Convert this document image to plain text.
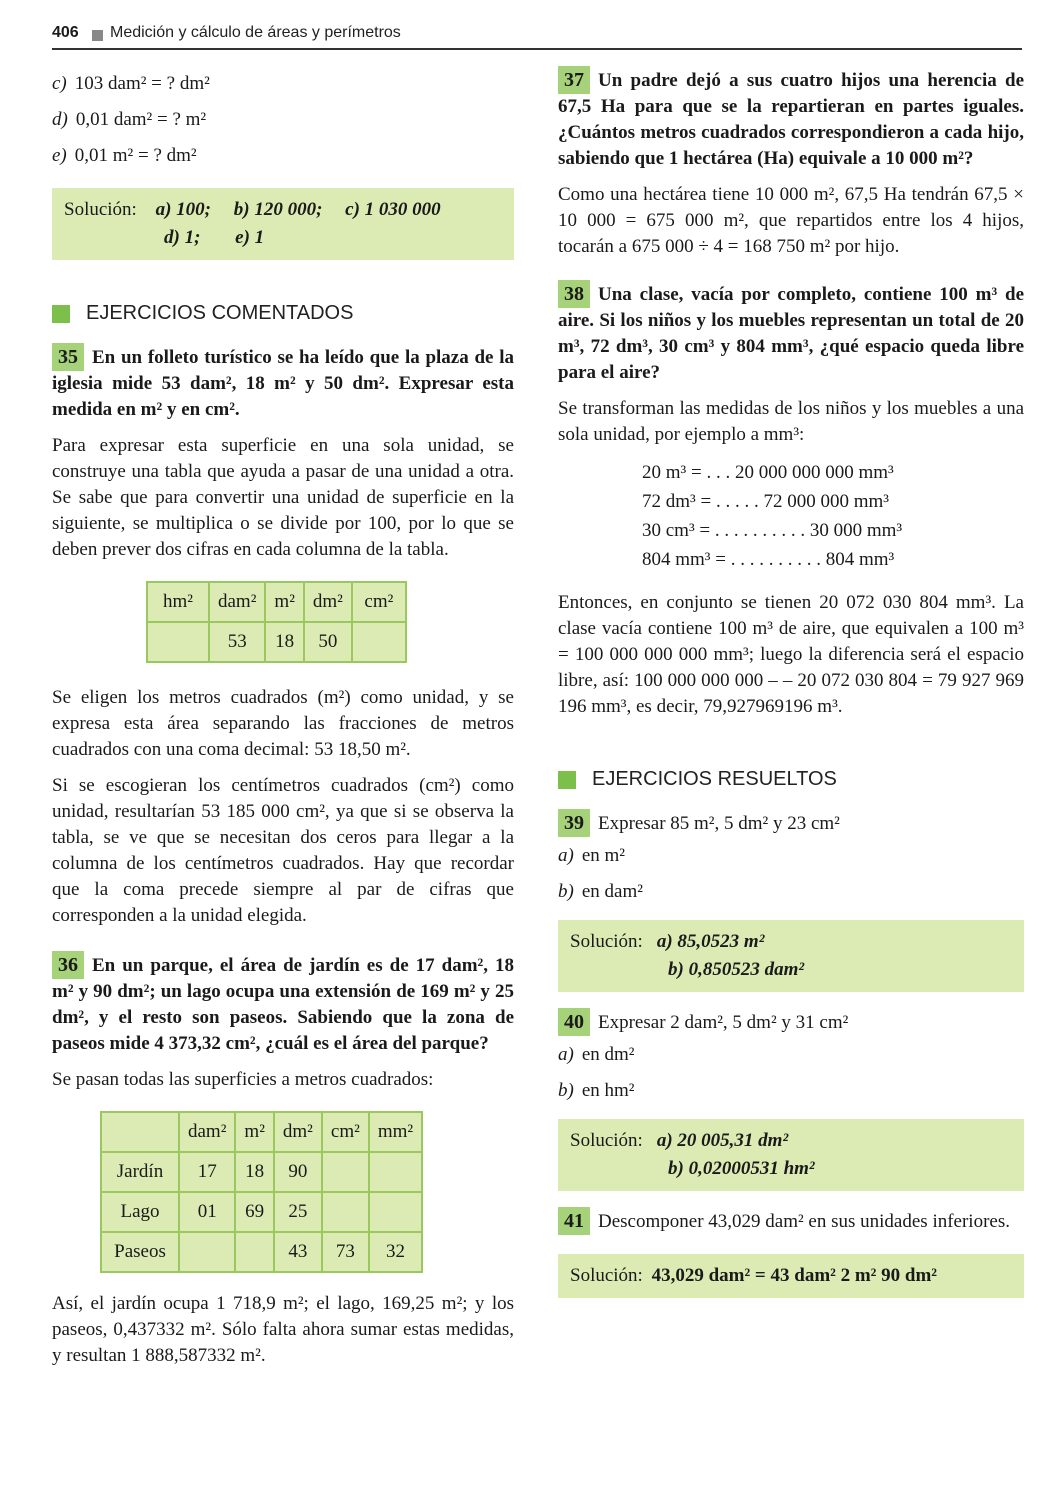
406 Medición y cálculo de áreas y perímetros
c) 103 dam² = ? dm²
d) 0,01 dam² = ? m²
e) 0,01 m² = ? dm²
Solución: a) 100; b) 120 000; c) 1 030 000
d) 1; e) 1
EJERCICIOS COMENTADOS
35 En un folleto turístico se ha leído que la plaza de la iglesia mide 53 dam², 18 m² y 50 dm². Expresar esta medida en m² y en cm².

Para expresar esta superficie en una sola unidad, se construye una tabla que ayuda a pasar de una unidad a otra. Se sabe que para convertir una unidad de superficie en la siguiente, se multiplica o se divide por 100, por lo que se deben prever dos cifras en cada columna de la tabla.

hm²	dam²	m²	dm²	cm²
	53	18	50	

Se eligen los metros cuadrados (m²) como unidad, y se expresa esta área separando las fracciones de metros cuadrados con una coma decimal: 53 18,50 m².

Si se escogieran los centímetros cuadrados (cm²) como unidad, resultarían 53 185 000 cm², ya que si se observa la tabla, se ve que se necesitan dos ceros para llegar a la columna de los centímetros cuadrados. Hay que recordar que la coma precede siempre al par de cifras que corresponden a la unidad elegida.

36 En un parque, el área de jardín es de 17 dam², 18 m² y 90 dm²; un lago ocupa una extensión de 169 m² y 25 dm², y el resto son paseos. Sabiendo que la zona de paseos mide 4 373,32 cm², ¿cuál es el área del parque?

Se pasan todas las superficies a metros cuadrados:

	dam²	m²	dm²	cm²	mm²
Jardín	17	18	90		
Lago	01	69	25		
Paseos			43	73	32

Así, el jardín ocupa 1 718,9 m²; el lago, 169,25 m²; y los paseos, 0,437332 m². Sólo falta ahora sumar estas medidas, y resultan 1 888,587332 m².

37 Un padre dejó a sus cuatro hijos una herencia de 67,5 Ha para que se la repartieran en partes iguales. ¿Cuántos metros cuadrados correspondieron a cada hijo, sabiendo que 1 hectárea (Ha) equivale a 10 000 m²?

Como una hectárea tiene 10 000 m², 67,5 Ha tendrán 67,5 × 10 000 = 675 000 m², que repartidos entre los 4 hijos, tocarán a 675 000 ÷ 4 = 168 750 m² por hijo.

38 Una clase, vacía por completo, contiene 100 m³ de aire. Si los niños y los muebles representan un total de 20 m³, 72 dm³, 30 cm³ y 804 mm³, ¿qué espacio queda libre para el aire?

Se transforman las medidas de los niños y los muebles a una sola unidad, por ejemplo a mm³:

20 m³ = . . . 20 000 000 000 mm³
72 dm³ = . . . . . 72 000 000 mm³
30 cm³ = . . . . . . . . . . 30 000 mm³
804 mm³ = . . . . . . . . . . 804 mm³

Entonces, en conjunto se tienen 20 072 030 804 mm³. La clase vacía contiene 100 m³ de aire, que equivalen a 100 m³ = 100 000 000 000 mm³; luego la diferencia será el espacio libre, así: 100 000 000 000 – – 20 072 030 804 = 79 927 969 196 mm³, es decir, 79,927969196 m³.

EJERCICIOS RESUELTOS
39 Expresar 85 m², 5 dm² y 23 cm²
a) en m²
b) en dam²
Solución: a) 85,0523 m²
b) 0,850523 dam²
40 Expresar 2 dam², 5 dm² y 31 cm²
a) en dm²
b) en hm²
Solución: a) 20 005,31 dm²
b) 0,02000531 hm²
41 Descomponer 43,029 dam² en sus unidades inferiores.
Solución: 43,029 dam² = 43 dam² 2 m² 90 dm²
